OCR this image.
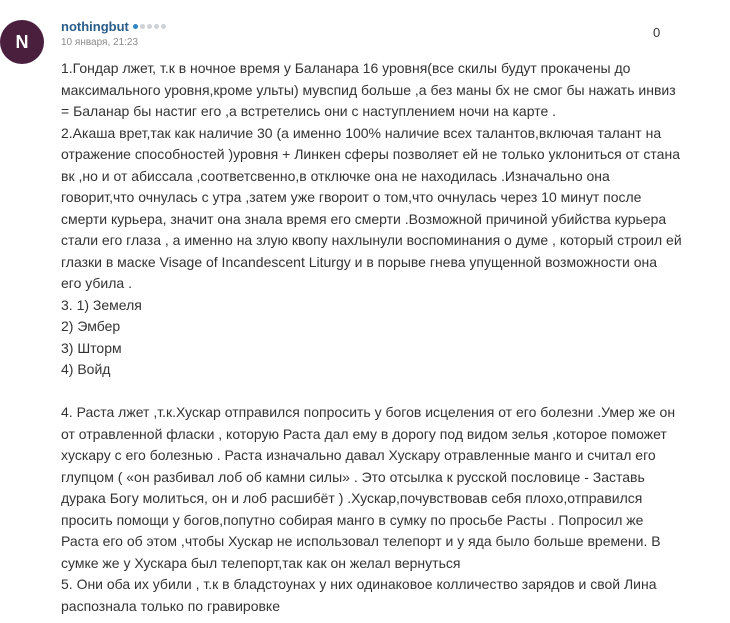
N
nothingbut
10 января, 21:23
0
1.Гондар лжет, т.к в ночное время у Баланара 16 уровня(все скилы будут прокачены до
максимального уровня,кроме ульты) мувспид больше ,а без маны бх не смог бы нажать инвиз
= Баланар бы настиг его ,а встретелись они с наступлением ночи на карте .
2.Акаша врет,так как наличие 30 (а именно 100% наличие всех талантов,включая талант на
отражение способностей )уровня + Линкен сферы позволяет ей не только уклониться от стана
вк ,но и от абиссала ,соответсвенно,в отключке она не находилась .Изначально она
говорит,что очнулась с утра ,затем уже гвороит о том,что очнулась через 10 минут после
смерти курьера, значит она знала время его смерти .Возможной причиной убийства курьера
стали его глаза , а именно на злую квопу нахлынули воспоминания о думе , который строил ей
глазки в маске Visage of Incandescent Liturgy и в порыве гнева упущенной возможности она
его убила .
3. 1) Земеля
2) Эмбер
3) Шторм
4) Войд
4. Раста лжет ,т.к.Хускар отправился попросить у богов исцеления от его болезни .Умер же он
от отравленной фласки , которую Раста дал ему в дорогу под видом зелья ,которое поможет
хускару с его болезнью . Раста изначально давал Хускару отравленные манго и считал его
глупцом ( «он разбивал лоб об камни силы» . Это отсылка к русской пословице - Заставь
дурака Богу молиться, он и лоб расшибёт ) .Хускар,почувствовав себя плохо,отправился
просить помощи у богов,попутно собирая манго в сумку по просьбе Расты . Попросил же
Раста его об этом ,чтобы Хускар не использовал телепорт и у яда было больше времени. В
сумке же у Хускара был телепорт,так как он желал вернуться
5. Они оба их убили , т.к в бладстоунах у них одинаковое колличество зарядов и свой Лина
распознала только по гравировке
